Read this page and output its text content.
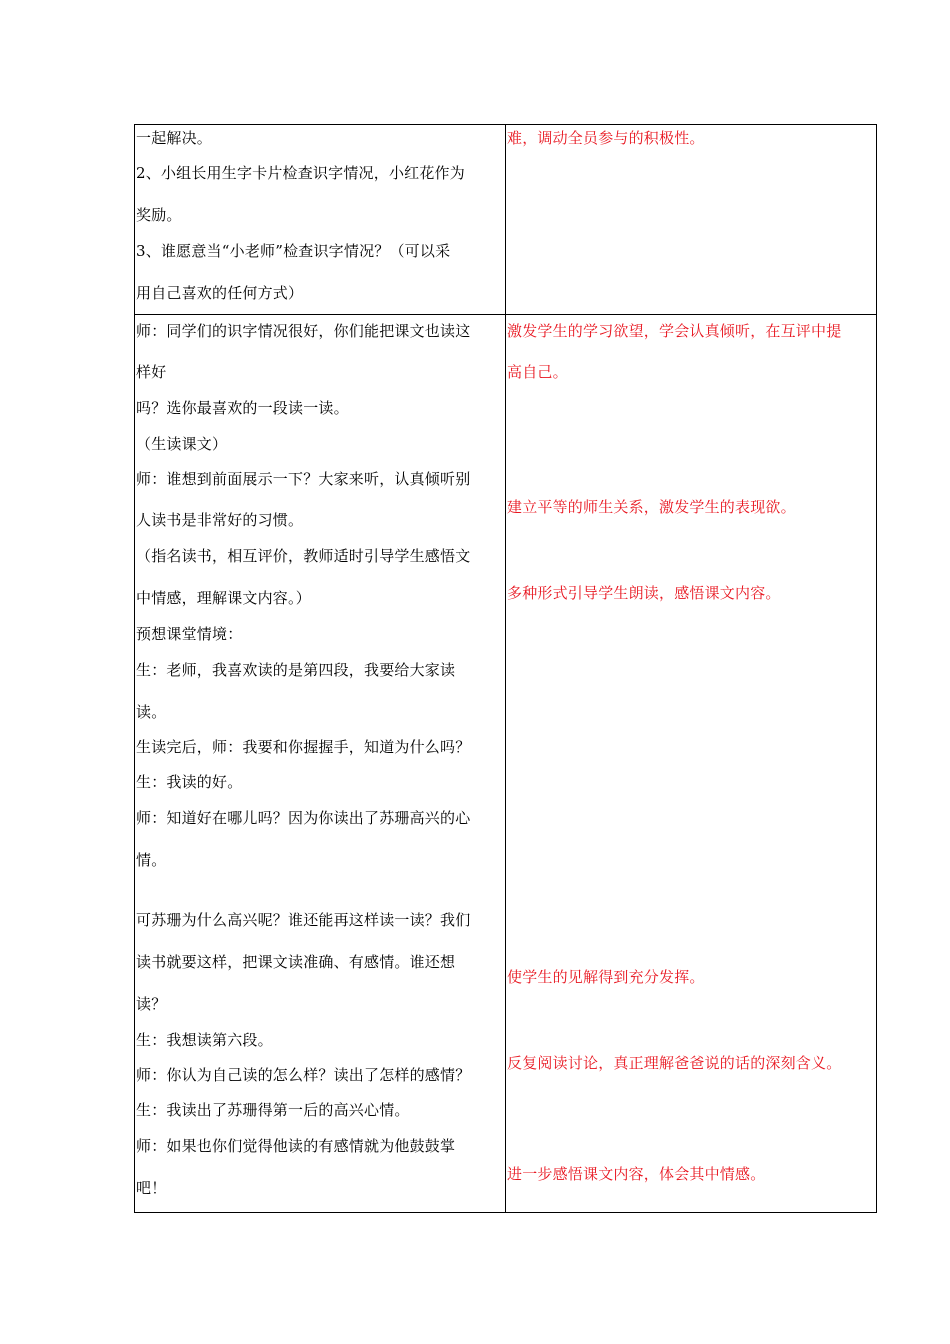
一起解决。
2、小组长用生字卡片检查识字情况，小红花作为
奖励。
3、谁愿意当“小老师”检查识字情况？（可以采
用自己喜欢的任何方式）
难，调动全员参与的积极性。
师：同学们的识字情况很好，你们能把课文也读这
样好
吗？选你最喜欢的一段读一读。
（生读课文）
师：谁想到前面展示一下？大家来听，认真倾听别
人读书是非常好的习惯。
（指名读书，相互评价，教师适时引导学生感悟文
中情感，理解课文内容。）
预想课堂情境：
生：老师，我喜欢读的是第四段，我要给大家读
读。
生读完后，师：我要和你握握手，知道为什么吗？
生：我读的好。
师：知道好在哪儿吗？因为你读出了苏珊高兴的心
情。
可苏珊为什么高兴呢？谁还能再这样读一读？我们
读书就要这样，把课文读准确、有感情。谁还想
读？
生：我想读第六段。
师：你认为自己读的怎么样？读出了怎样的感情？
生：我读出了苏珊得第一后的高兴心情。
师：如果也你们觉得他读的有感情就为他鼓鼓掌
吧！
激发学生的学习欲望，学会认真倾听，在互评中提
高自己。
建立平等的师生关系，激发学生的表现欲。
多种形式引导学生朗读，感悟课文内容。
使学生的见解得到充分发挥。
反复阅读讨论，真正理解爸爸说的话的深刻含义。
进一步感悟课文内容，体会其中情感。
